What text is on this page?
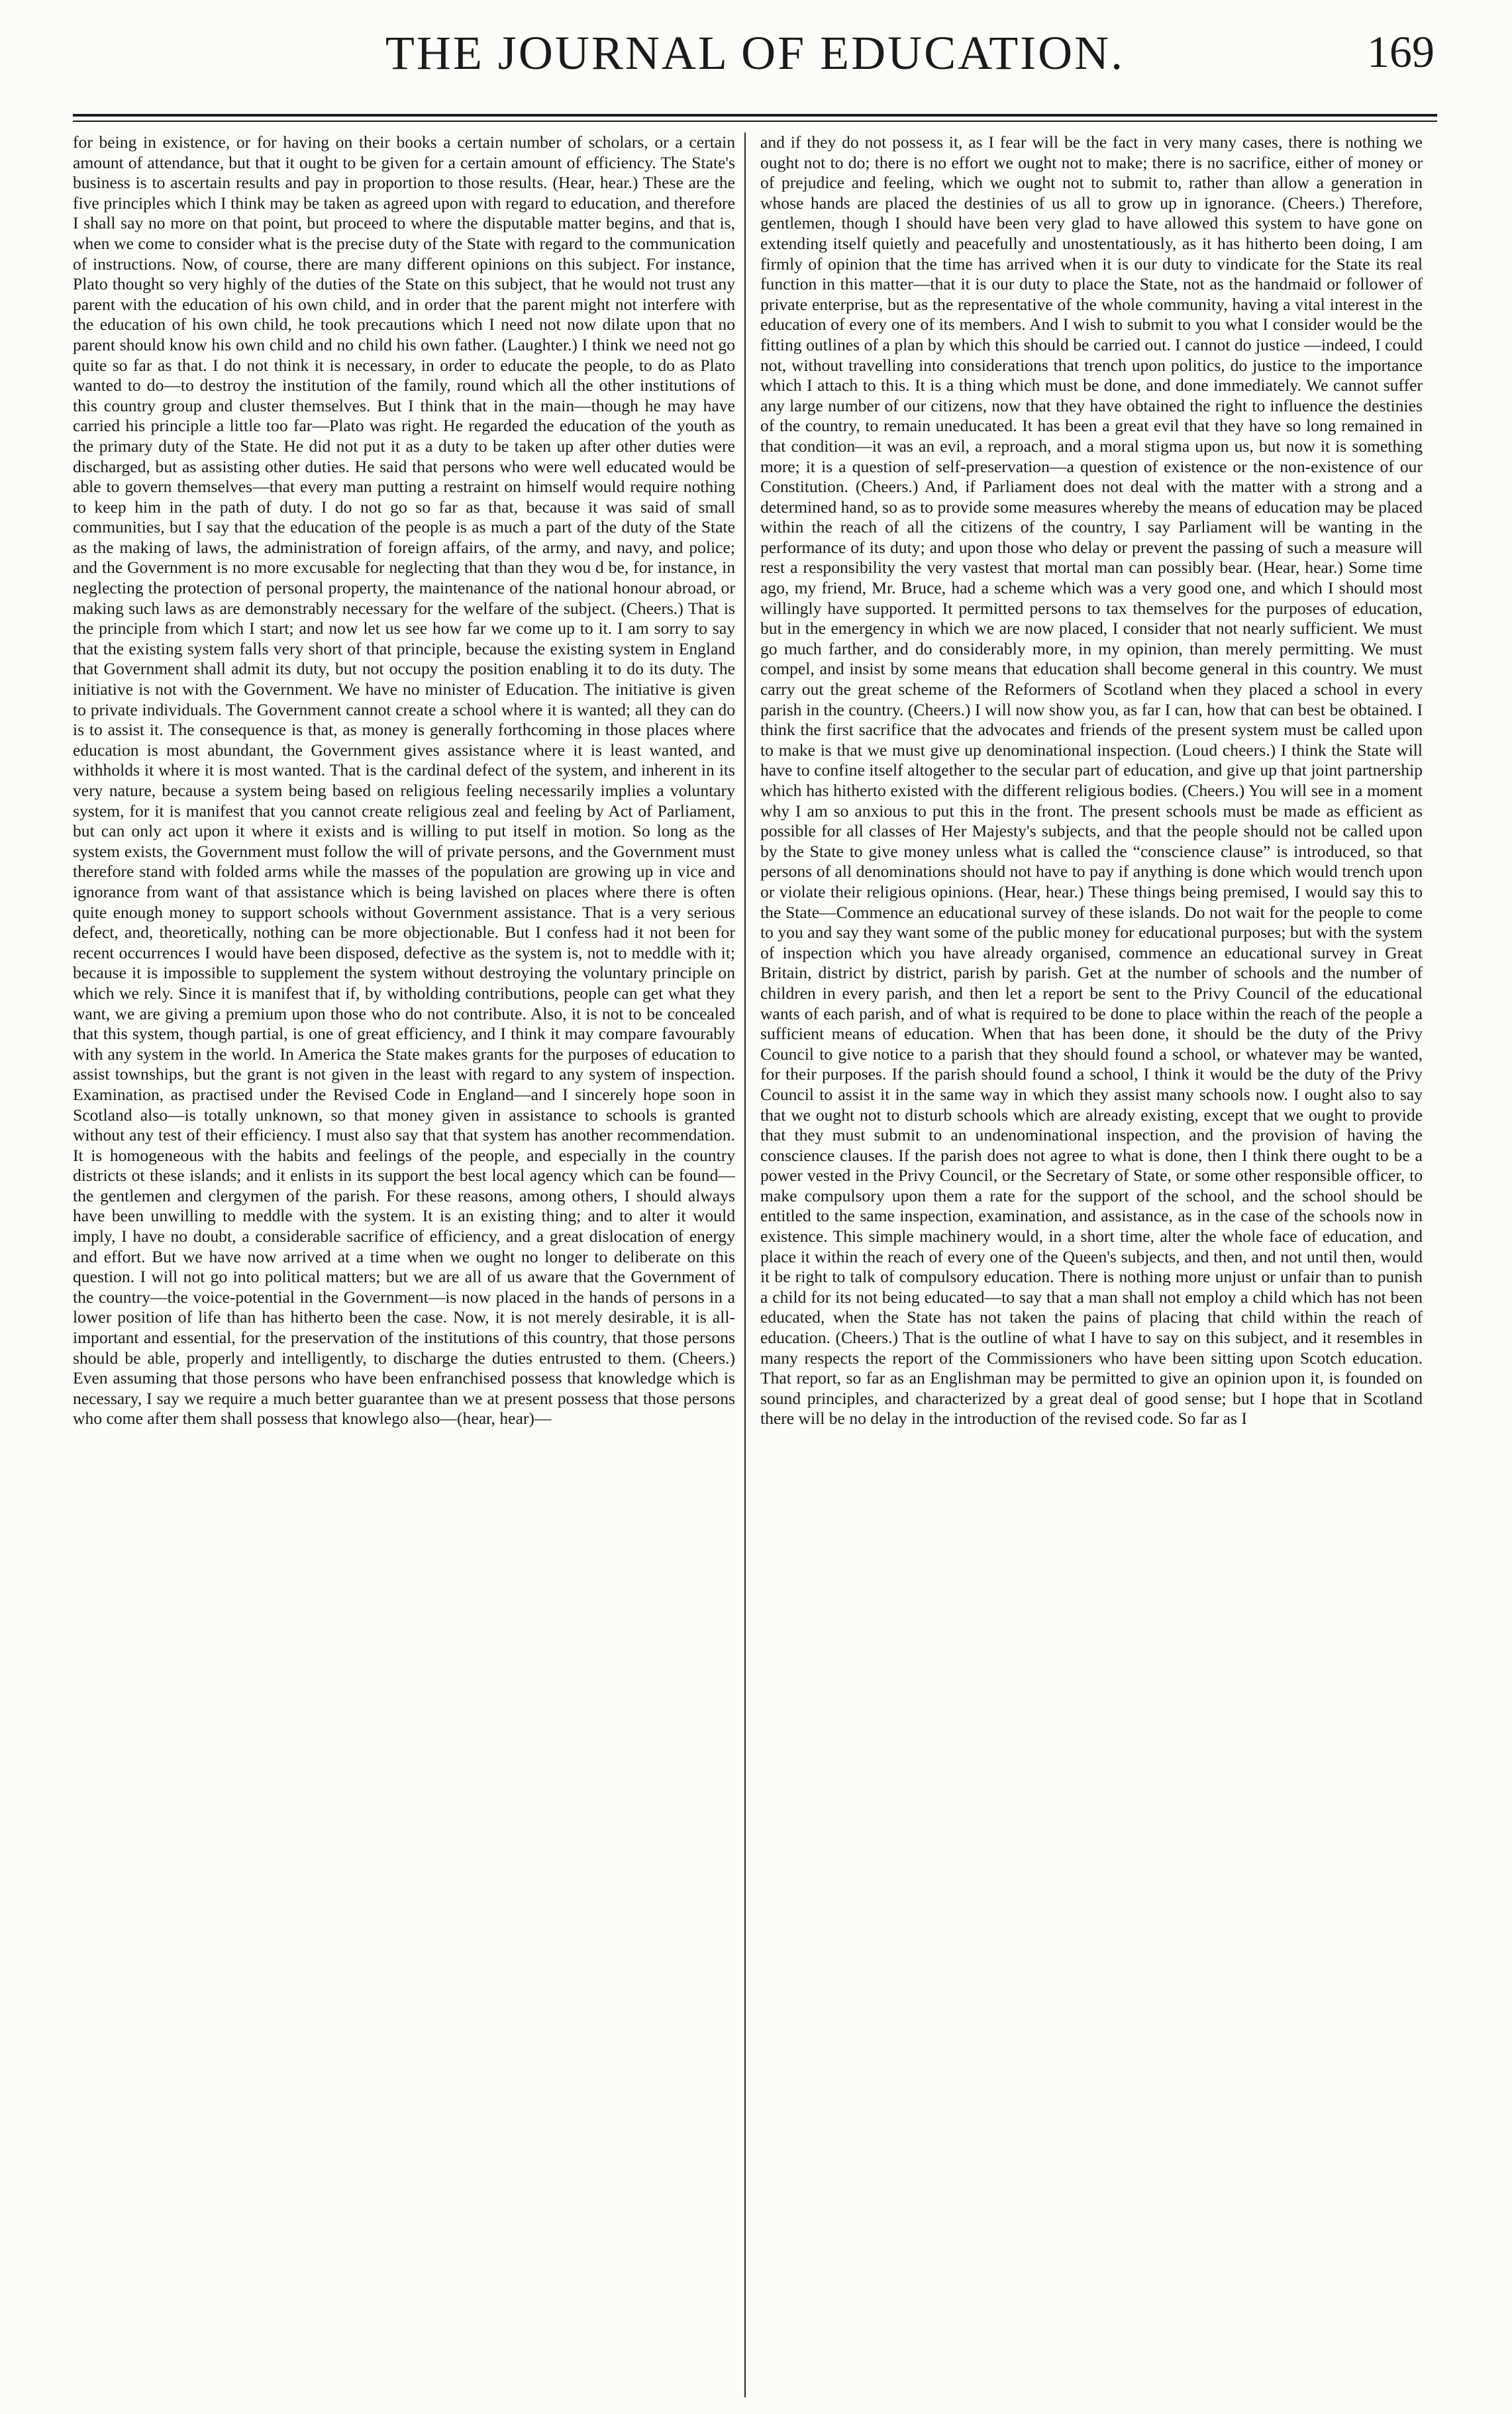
THE JOURNAL OF EDUCATION.	169

for being in existence, or for having on their books a certain number of scholars, or a certain amount of attendance, but that it ought to be given for a certain amount of efficiency. The State's business is to ascertain results and pay in proportion to those results. (Hear, hear.) These are the five principles which I think may be taken as agreed upon with regard to education, and therefore I shall say no more on that point, but proceed to where the disputable matter begins, and that is, when we come to consider what is the precise duty of the State with regard to the communication of instructions. Now, of course, there are many different opinions on this subject. For instance, Plato thought so very highly of the duties of the State on this subject, that he would not trust any parent with the education of his own child, and in order that the parent might not interfere with the education of his own child, he took precautions which I need not now dilate upon that no parent should know his own child and no child his own father. (Laughter.) I think we need not go quite so far as that. I do not think it is necessary, in order to educate the people, to do as Plato wanted to do—to destroy the institution of the family, round which all the other institutions of this country group and cluster themselves. But I think that in the main—though he may have carried his principle a little too far—Plato was right. He regarded the education of the youth as the primary duty of the State. He did not put it as a duty to be taken up after other duties were discharged, but as assisting other duties. He said that persons who were well educated would be able to govern themselves—that every man putting a restraint on himself would require nothing to keep him in the path of duty. I do not go so far as that, because it was said of small communities, but I say that the education of the people is as much a part of the duty of the State as the making of laws, the administration of foreign affairs, of the army, and navy, and police; and the Government is no more excusable for neglecting that than they wou d be, for instance, in neglecting the protection of personal property, the maintenance of the national honour abroad, or making such laws as are demonstrably necessary for the welfare of the subject. (Cheers.) That is the principle from which I start; and now let us see how far we come up to it. I am sorry to say that the existing system falls very short of that principle, because the existing system in England that Government shall admit its duty, but not occupy the position enabling it to do its duty. The initiative is not with the Government. We have no minister of Education. The initiative is given to private individuals. The Government cannot create a school where it is wanted; all they can do is to assist it. The consequence is that, as money is generally forthcoming in those places where education is most abundant, the Government gives assistance where it is least wanted, and withholds it where it is most wanted. That is the cardinal defect of the system, and inherent in its very nature, because a system being based on religious feeling necessarily implies a voluntary system, for it is manifest that you cannot create religious zeal and feeling by Act of Parliament, but can only act upon it where it exists and is willing to put itself in motion. So long as the system exists, the Government must follow the will of private persons, and the Government must therefore stand with folded arms while the masses of the population are growing up in vice and ignorance from want of that assistance which is being lavished on places where there is often quite enough money to support schools without Government assistance. That is a very serious defect, and, theoretically, nothing can be more objectionable. But I confess had it not been for recent occurrences I would have been disposed, defective as the system is, not to meddle with it; because it is impossible to supplement the system without destroying the voluntary principle on which we rely. Since it is manifest that if, by witholding contributions, people can get what they want, we are giving a premium upon those who do not contribute. Also, it is not to be concealed that this system, though partial, is one of great efficiency, and I think it may compare favourably with any system in the world. In America the State makes grants for the purposes of education to assist townships, but the grant is not given in the least with regard to any system of inspection. Examination, as practised under the Revised Code in England—and I sincerely hope soon in Scotland also—is totally unknown, so that money given in assistance to schools is granted without any test of their efficiency. I must also say that that system has another recommendation. It is homogeneous with the habits and feelings of the people, and especially in the country districts ot these islands; and it enlists in its support the best local agency which can be found—the gentlemen and clergymen of the parish. For these reasons, among others, I should always have been unwilling to meddle with the system. It is an existing thing; and to alter it would imply, I have no doubt, a considerable sacrifice of efficiency, and a great dislocation of energy and effort. But we have now arrived at a time when we ought no longer to deliberate on this question. I will not go into political matters; but we are all of us aware that the Government of the country—the voice-potential in the Government—is now placed in the hands of persons in a lower position of life than has hitherto been the case. Now, it is not merely desirable, it is all-important and essential, for the preservation of the institutions of this country, that those persons should be able, properly and intelligently, to discharge the duties entrusted to them. (Cheers.) Even assuming that those persons who have been enfranchised possess that knowledge which is necessary, I say we require a much better guarantee than we at present possess that those persons who come after them shall possess that knowlego also—(hear, hear)—

and if they do not possess it, as I fear will be the fact in very many cases, there is nothing we ought not to do; there is no effort we ought not to make; there is no sacrifice, either of money or of prejudice and feeling, which we ought not to submit to, rather than allow a generation in whose hands are placed the destinies of us all to grow up in ignorance. (Cheers.) Therefore, gentlemen, though I should have been very glad to have allowed this system to have gone on extending itself quietly and peacefully and unostentatiously, as it has hitherto been doing, I am firmly of opinion that the time has arrived when it is our duty to vindicate for the State its real function in this matter—that it is our duty to place the State, not as the handmaid or follower of private enterprise, but as the representative of the whole community, having a vital interest in the education of every one of its members. And I wish to submit to you what I consider would be the fitting outlines of a plan by which this should be carried out. I cannot do justice —indeed, I could not, without travelling into considerations that trench upon politics, do justice to the importance which I attach to this. It is a thing which must be done, and done immediately. We cannot suffer any large number of our citizens, now that they have obtained the right to influence the destinies of the country, to remain uneducated. It has been a great evil that they have so long remained in that condition—it was an evil, a reproach, and a moral stigma upon us, but now it is something more; it is a question of self-preservation—a question of existence or the non-existence of our Constitution. (Cheers.) And, if Parliament does not deal with the matter with a strong and a determined hand, so as to provide some measures whereby the means of education may be placed within the reach of all the citizens of the country, I say Parliament will be wanting in the performance of its duty; and upon those who delay or prevent the passing of such a measure will rest a responsibility the very vastest that mortal man can possibly bear. (Hear, hear.) Some time ago, my friend, Mr. Bruce, had a scheme which was a very good one, and which I should most willingly have supported. It permitted persons to tax themselves for the purposes of education, but in the emergency in which we are now placed, I consider that not nearly sufficient. We must go much farther, and do considerably more, in my opinion, than merely permitting. We must compel, and insist by some means that education shall become general in this country. We must carry out the great scheme of the Reformers of Scotland when they placed a school in every parish in the country. (Cheers.) I will now show you, as far I can, how that can best be obtained. I think the first sacrifice that the advocates and friends of the present system must be called upon to make is that we must give up denominational inspection. (Loud cheers.) I think the State will have to confine itself altogether to the secular part of education, and give up that joint partnership which has hitherto existed with the different religious bodies. (Cheers.) You will see in a moment why I am so anxious to put this in the front. The present schools must be made as efficient as possible for all classes of Her Majesty's subjects, and that the people should not be called upon by the State to give money unless what is called the “conscience clause” is introduced, so that persons of all denominations should not have to pay if anything is done which would trench upon or violate their religious opinions. (Hear, hear.) These things being premised, I would say this to the State—Commence an educational survey of these islands. Do not wait for the people to come to you and say they want some of the public money for educational purposes; but with the system of inspection which you have already organised, commence an educational survey in Great Britain, district by district, parish by parish. Get at the number of schools and the number of children in every parish, and then let a report be sent to the Privy Council of the educational wants of each parish, and of what is required to be done to place within the reach of the people a sufficient means of education. When that has been done, it should be the duty of the Privy Council to give notice to a parish that they should found a school, or whatever may be wanted, for their purposes. If the parish should found a school, I think it would be the duty of the Privy Council to assist it in the same way in which they assist many schools now. I ought also to say that we ought not to disturb schools which are already existing, except that we ought to provide that they must submit to an undenominational inspection, and the provision of having the conscience clauses. If the parish does not agree to what is done, then I think there ought to be a power vested in the Privy Council, or the Secretary of State, or some other responsible officer, to make compulsory upon them a rate for the support of the school, and the school should be entitled to the same inspection, examination, and assistance, as in the case of the schools now in existence. This simple machinery would, in a short time, alter the whole face of education, and place it within the reach of every one of the Queen's subjects, and then, and not until then, would it be right to talk of compulsory education. There is nothing more unjust or unfair than to punish a child for its not being educated—to say that a man shall not employ a child which has not been educated, when the State has not taken the pains of placing that child within the reach of education. (Cheers.) That is the outline of what I have to say on this subject, and it resembles in many respects the report of the Commissioners who have been sitting upon Scotch education. That report, so far as an Englishman may be permitted to give an opinion upon it, is founded on sound principles, and characterized by a great deal of good sense; but I hope that in Scotland there will be no delay in the introduction of the revised code. So far as I
